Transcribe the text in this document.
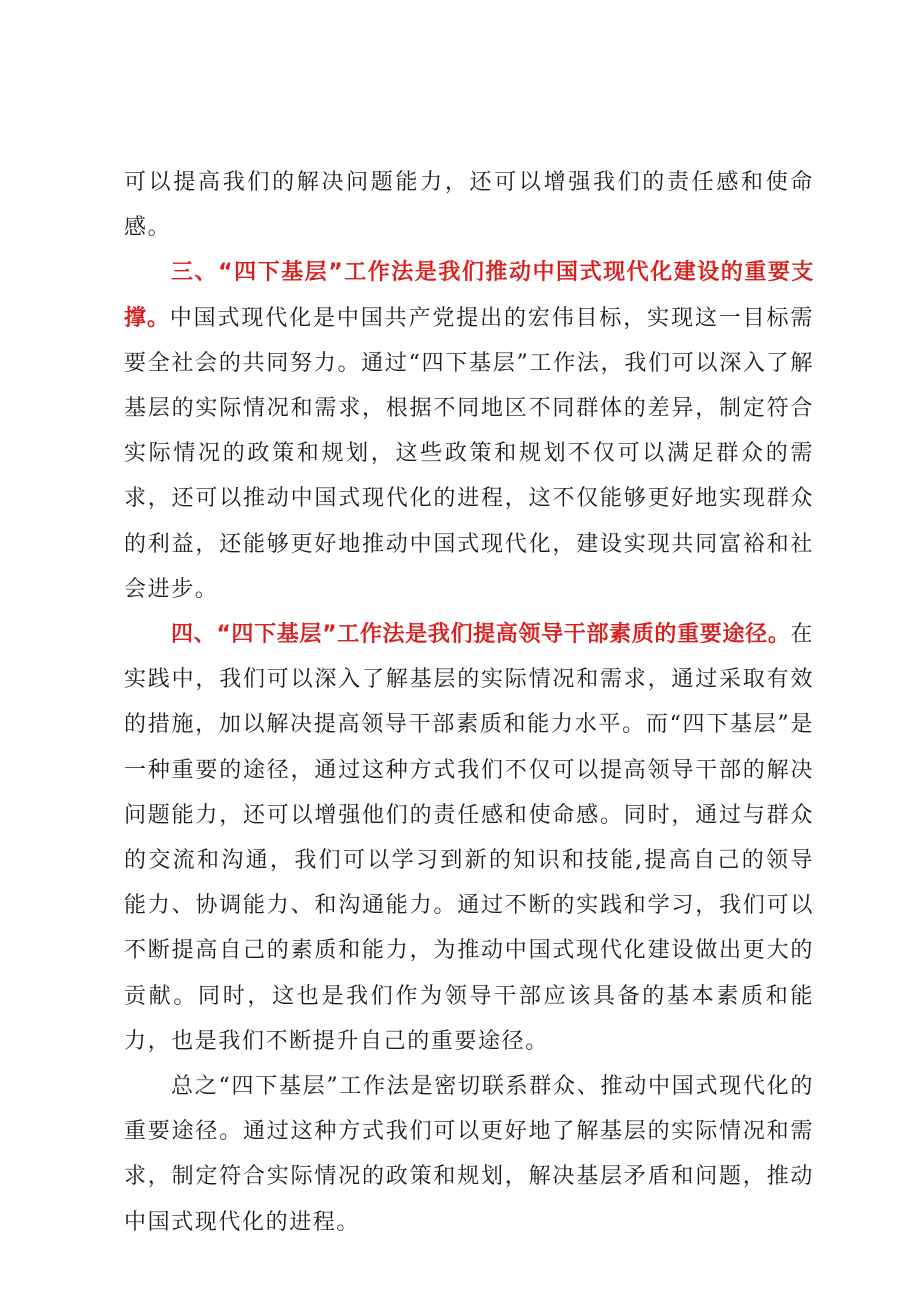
可以提高我们的解决问题能力，还可以增强我们的责任感和使命感。

三、“四下基层”工作法是我们推动中国式现代化建设的重要支撑。中国式现代化是中国共产党提出的宏伟目标，实现这一目标需要全社会的共同努力。通过“四下基层”工作法，我们可以深入了解基层的实际情况和需求，根据不同地区不同群体的差异，制定符合实际情况的政策和规划，这些政策和规划不仅可以满足群众的需求，还可以推动中国式现代化的进程，这不仅能够更好地实现群众的利益，还能够更好地推动中国式现代化，建设实现共同富裕和社会进步。

四、“四下基层”工作法是我们提高领导干部素质的重要途径。在实践中，我们可以深入了解基层的实际情况和需求，通过采取有效的措施，加以解决提高领导干部素质和能力水平。而“四下基层”是一种重要的途径，通过这种方式我们不仅可以提高领导干部的解决问题能力，还可以增强他们的责任感和使命感。同时，通过与群众的交流和沟通，我们可以学习到新的知识和技能,提高自己的领导能力、协调能力、和沟通能力。通过不断的实践和学习，我们可以不断提高自己的素质和能力，为推动中国式现代化建设做出更大的贡献。同时，这也是我们作为领导干部应该具备的基本素质和能力，也是我们不断提升自己的重要途径。

总之“四下基层”工作法是密切联系群众、推动中国式现代化的重要途径。通过这种方式我们可以更好地了解基层的实际情况和需求，制定符合实际情况的政策和规划，解决基层矛盾和问题，推动中国式现代化的进程。
